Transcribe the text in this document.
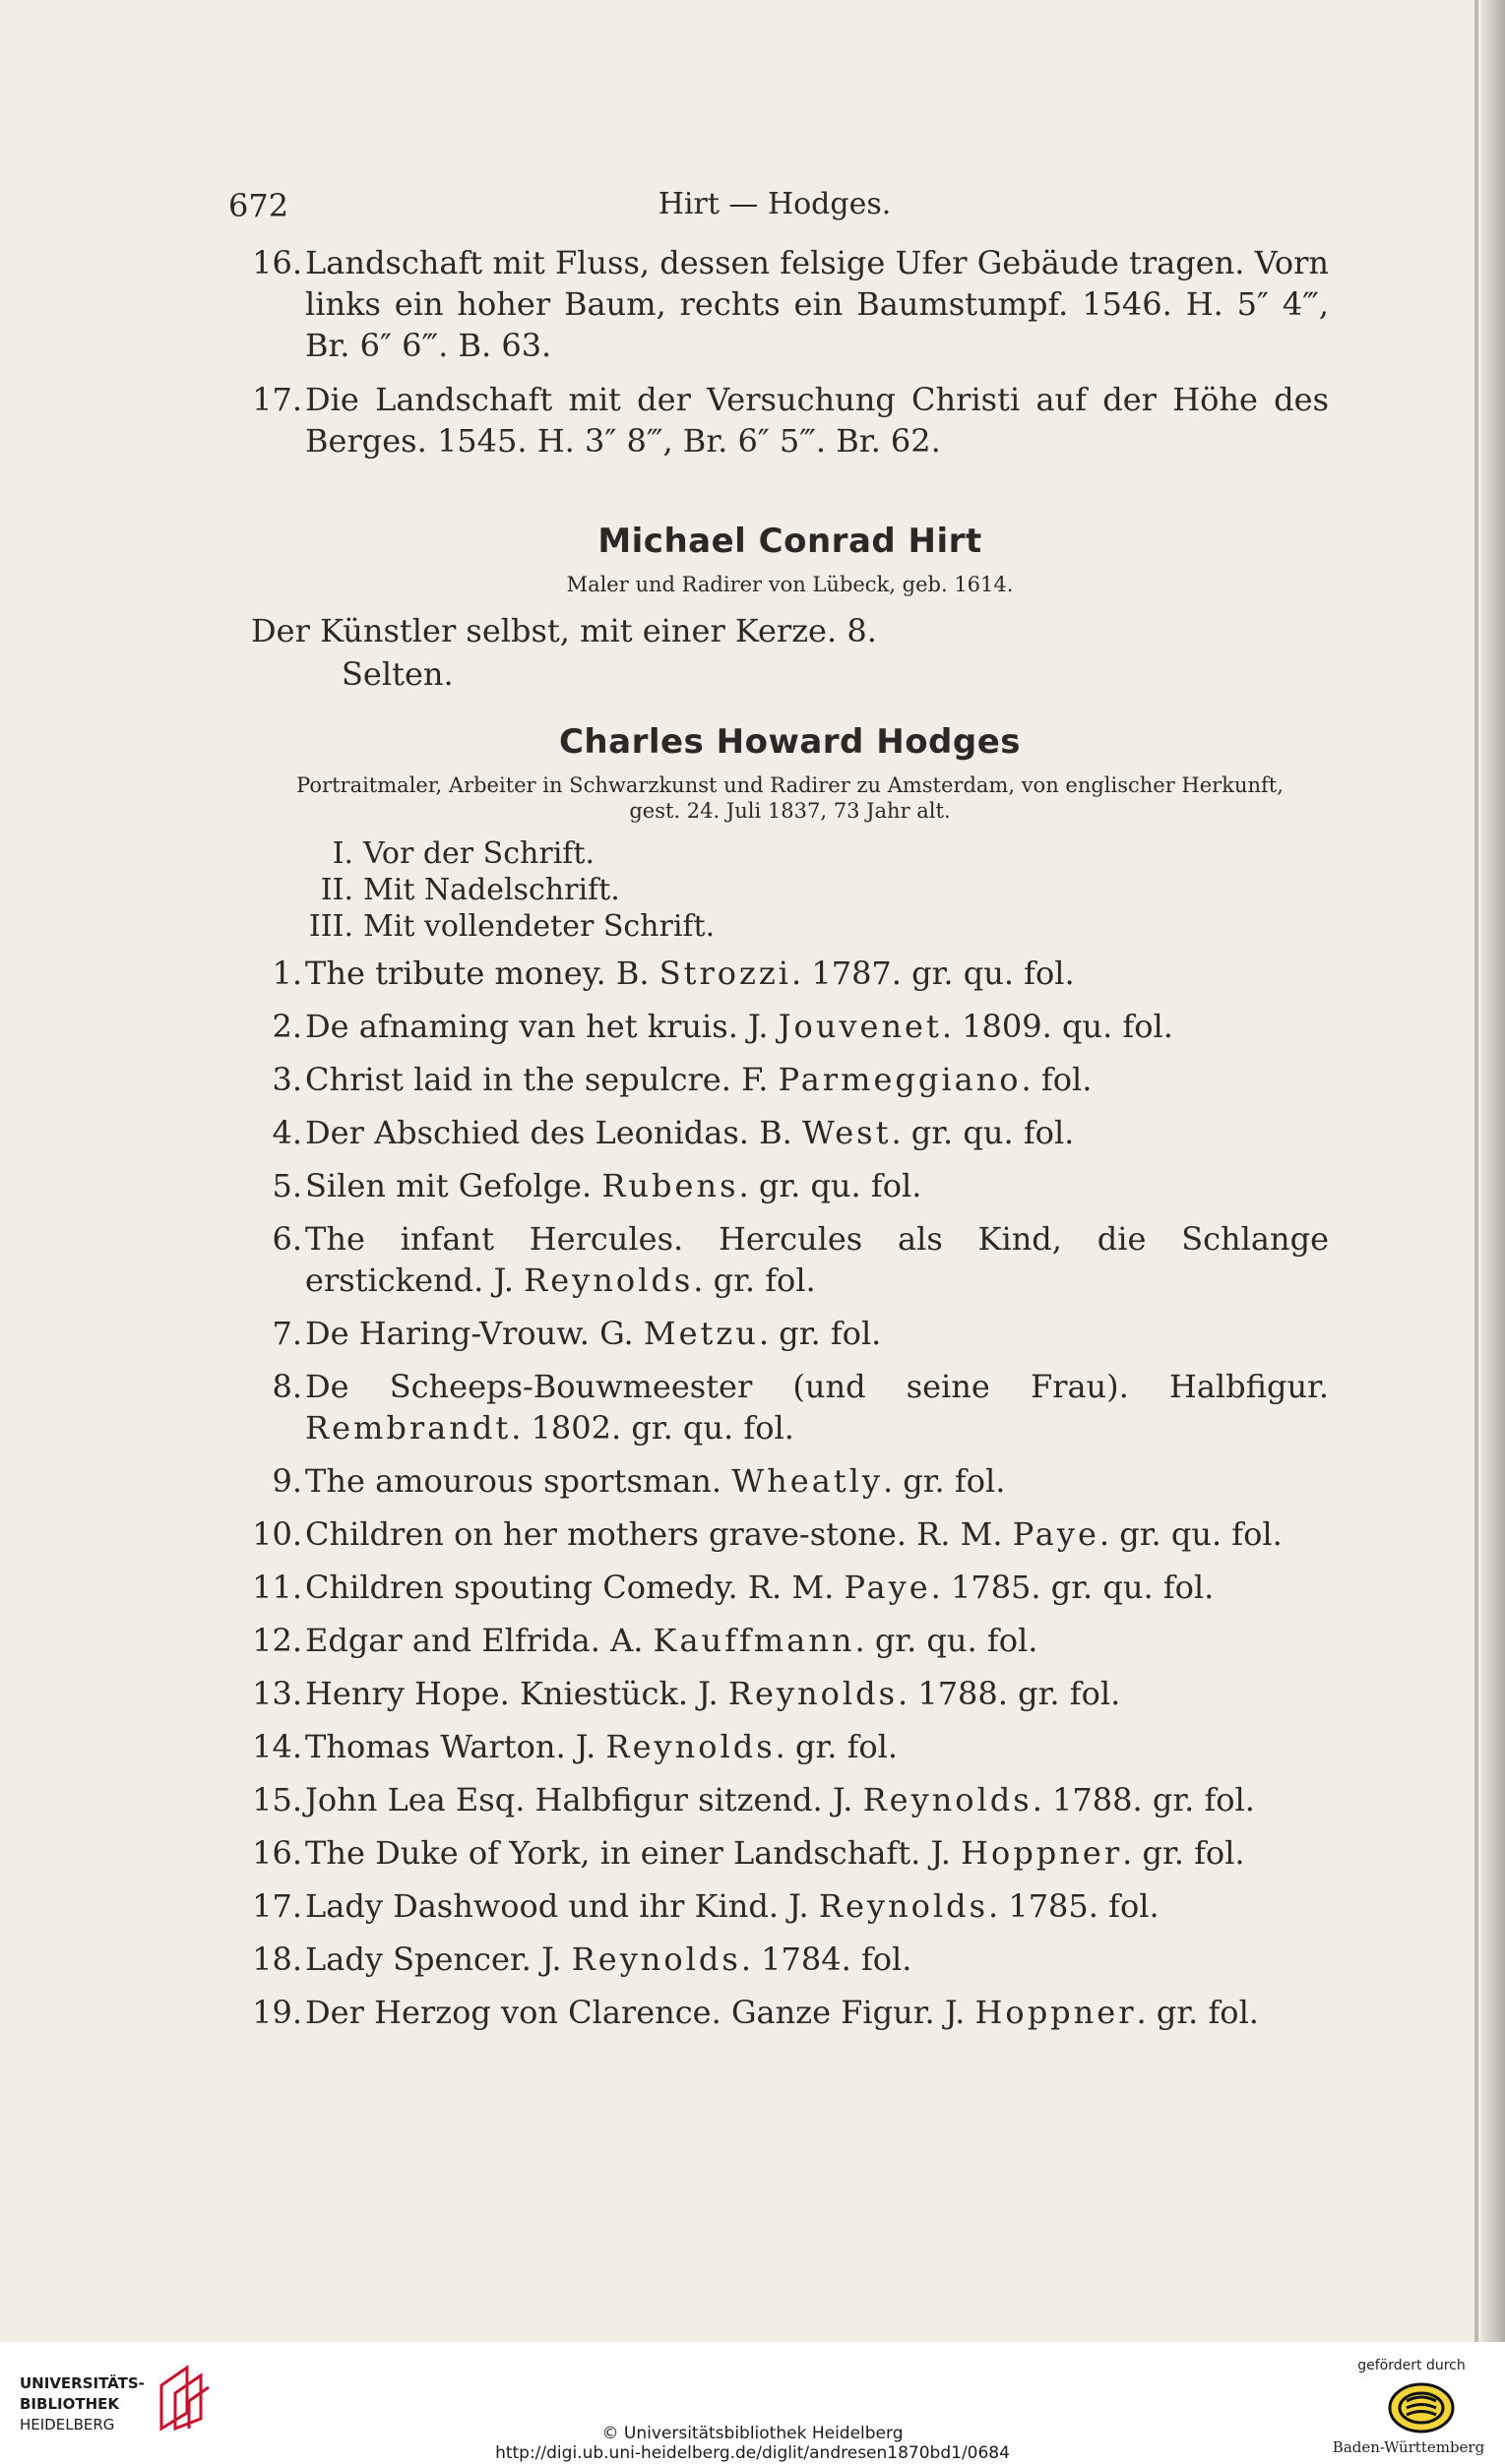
672	Hirt — Hodges.
16 . Landschaft mit Fluss, dessen felsige Ufer Gebäude tragen. Vorn
links ein hoher Baum, rechts ein Baumstumpf. 1546. H. 5″ 4‴,
Br. 6″ 6‴. B. 63.
17 . Die Landschaft mit der Versuchung Christi auf der Höhe des
Berges. 1545. H. 3″ 8‴, Br. 6″ 5‴. Br. 62.
Michael Conrad Hirt
Maler und Radirer von Lübeck, geb. 1614.
Der Künstler selbst, mit einer Kerze. 8.
Selten.
Charles Howard Hodges
Portraitmaler, Arbeiter in Schwarzkunst und Radirer zu Amsterdam, von englischer Herkunft,
gest. 24. Juli 1837, 73 Jahr alt.
I . Vor der Schrift.
II . Mit Nadelschrift.
III . Mit vollendeter Schrift.
1 . The tribute money. B. Strozzi. 1787. gr. qu. fol.
2 . De afnaming van het kruis. J. Jouvenet. 1809. qu. fol.
3 . Christ laid in the sepulcre. F. Parmeggiano. fol.
4 . Der Abschied des Leonidas. B. West. gr. qu. fol.
5 . Silen mit Gefolge. Rubens. gr. qu. fol.
6 . The infant Hercules. Hercules als Kind, die Schlange erstickend. J. Reynolds. gr. fol.
7 . De Haring-Vrouw. G. Metzu. gr. fol.
8 . De Scheeps-Bouwmeester (und seine Frau). Halbfigur. Rembrandt. 1802. gr. qu. fol.
9 . The amourous sportsman. Wheatly. gr. fol.
10 . Children on her mothers grave-stone. R. M. Paye. gr. qu. fol.
11 . Children spouting Comedy. R. M. Paye. 1785. gr. qu. fol.
12 . Edgar and Elfrida. A. Kauffmann. gr. qu. fol.
13 . Henry Hope. Kniestück. J. Reynolds. 1788. gr. fol.
14 . Thomas Warton. J. Reynolds. gr. fol.
15 . John Lea Esq. Halbfigur sitzend. J. Reynolds. 1788. gr. fol.
16 . The Duke of York, in einer Landschaft. J. Hoppner. gr. fol.
17 . Lady Dashwood und ihr Kind. J. Reynolds. 1785. fol.
18 . Lady Spencer. J. Reynolds. 1784. fol.
19 . Der Herzog von Clarence. Ganze Figur. J. Hoppner. gr. fol.
UNIVERSITÄTS-
BIBLIOTHEK
HEIDELBERG	© Universitätsbibliothek Heidelberg
http://digi.ub.uni-heidelberg.de/diglit/andresen1870bd1/0684
gefördert durch
Baden-Württemberg
